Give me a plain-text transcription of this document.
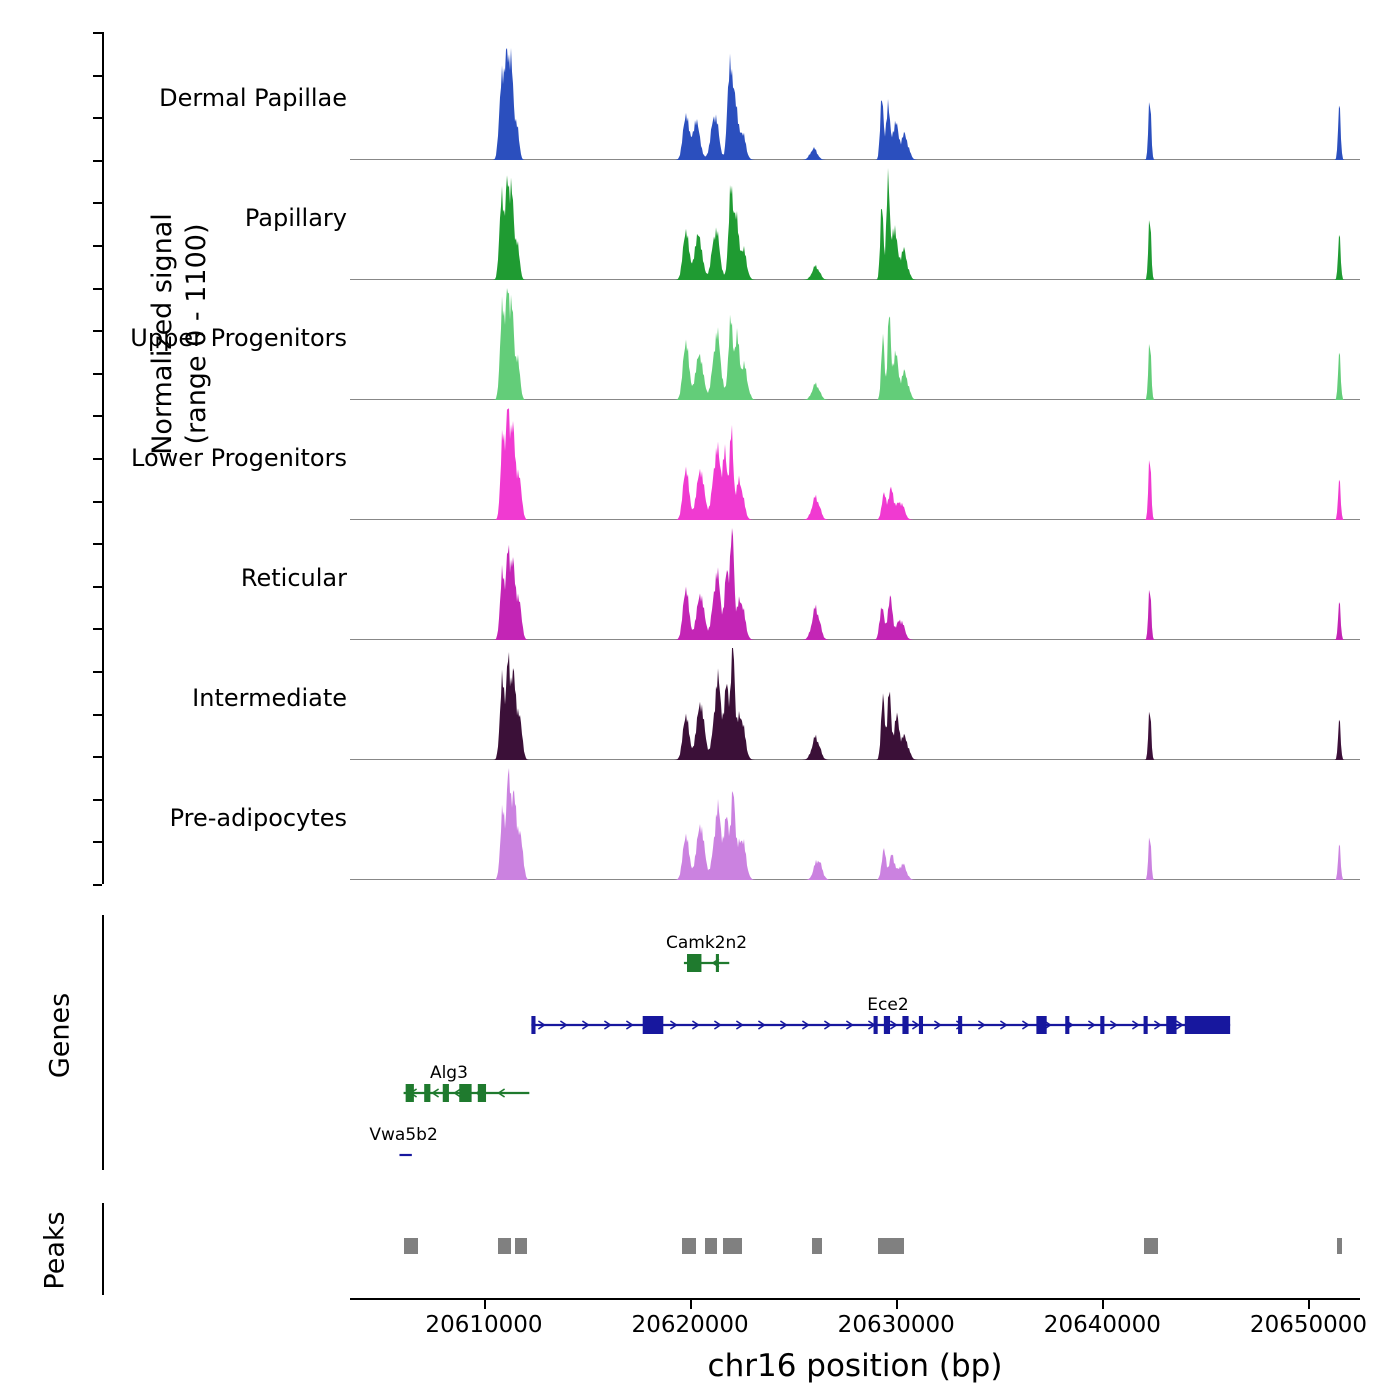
Normalized signal (range 0 - 1100)
Genes
Peaks
Dermal Papillae
Papillary
Upper Progenitors
Lower Progenitors
Reticular
Intermediate
Pre-adipocytes
Camk2n2
Ece2
Alg3
Vwa5b2
20610000	20620000	20630000	20640000	20650000
chr16 position (bp)
